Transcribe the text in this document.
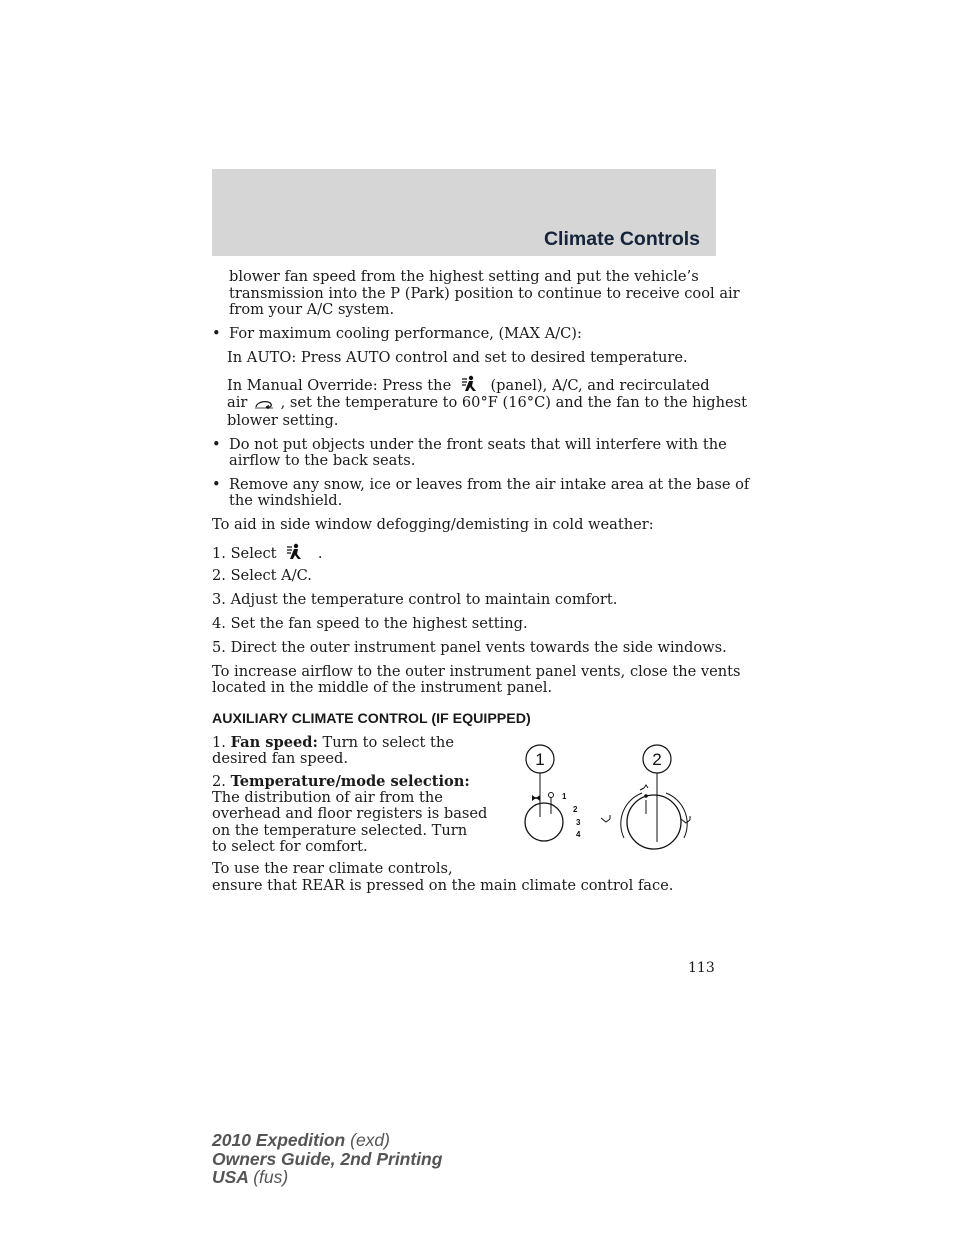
Climate Controls

blower fan speed from the highest setting and put the vehicle’s

transmission into the P (Park) position to continue to receive cool air

from your A/C system.

• For maximum cooling performance, (MAX A/C):

In AUTO: Press AUTO control and set to desired temperature.

In Manual Override: Press the	(panel), A/C, and recirculated

air , set the temperature to 60°F (16°C) and the fan to the highest

blower setting.

• Do not put objects under the front seats that will interfere with the

airflow to the back seats.

• Remove any snow, ice or leaves from the air intake area at the base of

the windshield.

To aid in side window defogging/demisting in cold weather:

1. Select	.

2. Select A/C.

3. Adjust the temperature control to maintain comfort.

4. Set the fan speed to the highest setting.

5. Direct the outer instrument panel vents towards the side windows.

To increase airflow to the outer instrument panel vents, close the vents

located in the middle of the instrument panel.

AUXILIARY CLIMATE CONTROL (IF EQUIPPED)

1. Fan speed: Turn to select the

desired fan speed.

2. Temperature/mode selection:

The distribution of air from the

overhead and floor registers is based

on the temperature selected. Turn

to select for comfort.

To use the rear climate controls,

ensure that REAR is pressed on the main climate control face.

1
1
2
3
4
2
113
2010 Expedition (exd)
Owners Guide, 2nd Printing
USA (fus)
